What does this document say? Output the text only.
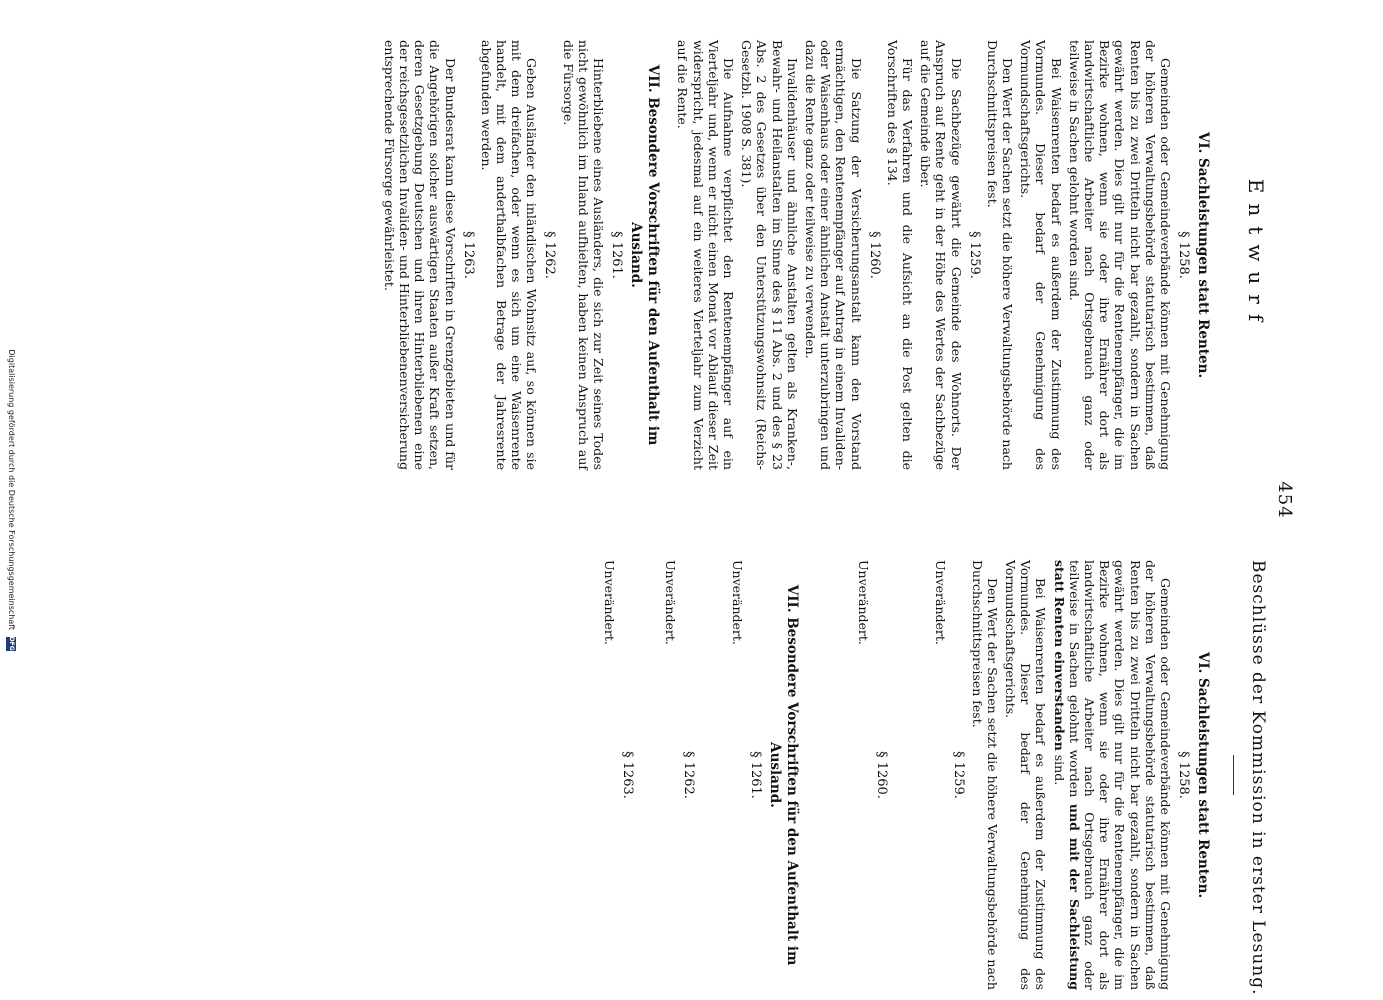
454
Entwurf
VI. Sachleistungen statt Renten.
§ 1258.

Gemeinden oder Gemeindeverbände können mit Genehmigung der höheren Verwaltungsbehörde statutarisch bestimmen, daß Renten bis zu zwei Dritteln nicht bar gezahlt, sondern in Sachen gewährt werden. Dies gilt nur für die Rentenempfänger, die im Bezirke wohnen, wenn sie oder ihre Ernährer dort als landwirtschaftliche Arbeiter nach Ortsgebrauch ganz oder teilweise in Sachen gelohnt worden sind.

Bei Waisenrenten bedarf es außerdem der Zustimmung des Vormundes. Dieser bedarf der Genehmigung des Vormundschaftsgerichts.

Den Wert der Sachen setzt die höhere Verwaltungsbehörde nach Durchschnittspreisen fest.

§ 1259.

Die Sachbezüge gewährt die Gemeinde des Wohnorts. Der Anspruch auf Rente geht in der Höhe des Wertes der Sachbezüge auf die Gemeinde über.

Für das Verfahren und die Aufsicht an die Post gelten die Vorschriften des § 134.

§ 1260.

Die Satzung der Versicherungsanstalt kann den Vorstand ermächtigen, den Rentenempfänger auf Antrag in einem Invaliden- oder Waisenhaus oder einer ähnlichen Anstalt unterzubringen und dazu die Rente ganz oder teilweise zu verwenden.

Invalidenhäuser und ähnliche Anstalten gelten als Kranken-, Bewahr- und Heilanstalten im Sinne des § 11 Abs. 2 und des § 23 Abs. 2 des Gesetzes über den Unterstützungswohnsitz (Reichs-Gesetzbl. 1908 S. 381).

Die Aufnahme verpflichtet den Rentenempfänger auf ein Vierteljahr und, wenn er nicht einen Monat vor Ablauf dieser Zeit widerspricht, jedesmal auf ein weiteres Vierteljahr zum Verzicht auf die Rente.

VII. Besondere Vorschriften für den Aufenthalt im Ausland.
§ 1261.

Hinterbliebene eines Ausländers, die sich zur Zeit seines Todes nicht gewöhnlich im Inland aufhielten, haben keinen Anspruch auf die Fürsorge.

§ 1262.

Geben Ausländer den inländischen Wohnsitz auf, so können sie mit dem dreifachen, oder wenn es sich um eine Waisenrente handelt, mit dem anderthalbfachen Betrage der Jahresrente abgefunden werden.

§ 1263.

Der Bundesrat kann diese Vorschriften in Grenzgebieten und für die Angehörigen solcher auswärtigen Staaten außer Kraft setzen, deren Gesetzgebung Deutschen und ihren Hinterbliebenen eine der reichsgesetzlichen Invaliden- und Hinterbliebenenversicherung entsprechende Fürsorge gewährleistet.

Beschlüsse der Kommission in erster Lesung.
VI. Sachleistungen statt Renten.
§ 1258.

Gemeinden oder Gemeindeverbände können mit Genehmigung der höheren Verwaltungsbehörde statutarisch bestimmen, daß Renten bis zu zwei Dritteln nicht bar gezahlt, sondern in Sachen gewährt werden. Dies gilt nur für die Rentenempfänger, die im Bezirke wohnen, wenn sie oder ihre Ernährer dort als landwirtschaftliche Arbeiter nach Ortsgebrauch ganz oder teilweise in Sachen gelohnt worden und mit der Sachleistung statt Renten einverstanden sind.

Bei Waisenrenten bedarf es außerdem der Zustimmung des Vormundes. Dieser bedarf der Genehmigung des Vormundschaftsgerichts.

Den Wert der Sachen setzt die höhere Verwaltungsbehörde nach Durchschnittspreisen fest.

§ 1259.
Unverändert.
§ 1260.
Unverändert.
VII. Besondere Vorschriften für den Aufenthalt im Ausland.
§ 1261.
Unverändert.
§ 1262.
Unverändert.
§ 1263.
Unverändert.
Digitalisierung gefördert durch die Deutsche Forschungsgemeinschaft DFG
